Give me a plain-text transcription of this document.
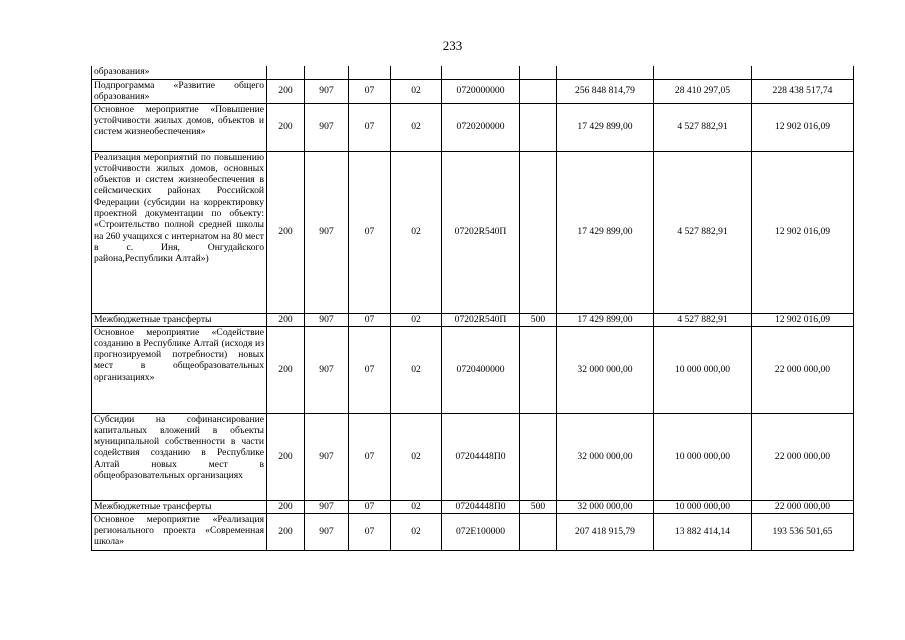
233
образования»									
Подпрограмма «Развитие общего образования»	200	907	07	02	0720000000		256 848 814,79	28 410 297,05	228 438 517,74
Основное мероприятие «Повышение устойчивости жилых домов, объектов и систем жизнеобеспечения»	200	907	07	02	0720200000		17 429 899,00	4 527 882,91	12 902 016,09
Реализация мероприятий по повышению устойчивости жилых домов, основных объектов и систем жизнеобеспечения в сейсмических районах Российской Федерации (субсидии на корректировку проектной документации по объекту: «Строительство полной средней школы на 260 учащихся с интернатом на 80 мест в с. Иня, Онгудайского района,Республики Алтай»)	200	907	07	02	07202R540П		17 429 899,00	4 527 882,91	12 902 016,09
Межбюджетные трансферты	200	907	07	02	07202R540П	500	17 429 899,00	4 527 882,91	12 902 016,09
Основное мероприятие «Содействие созданию в Республике Алтай (исходя из прогнозируемой потребности) новых мест в общеобразовательных организациях»	200	907	07	02	0720400000		32 000 000,00	10 000 000,00	22 000 000,00
Субсидии на софинансирование капитальных вложений в объекты муниципальной собственности в части содействия созданию в Республике Алтай новых мест в общеобразовательных организациях	200	907	07	02	07204448П0		32 000 000,00	10 000 000,00	22 000 000,00
Межбюджетные трансферты	200	907	07	02	07204448П0	500	32 000 000,00	10 000 000,00	22 000 000,00
Основное мероприятие «Реализация регионального проекта «Современная школа»	200	907	07	02	072E100000		207 418 915,79	13 882 414,14	193 536 501,65
